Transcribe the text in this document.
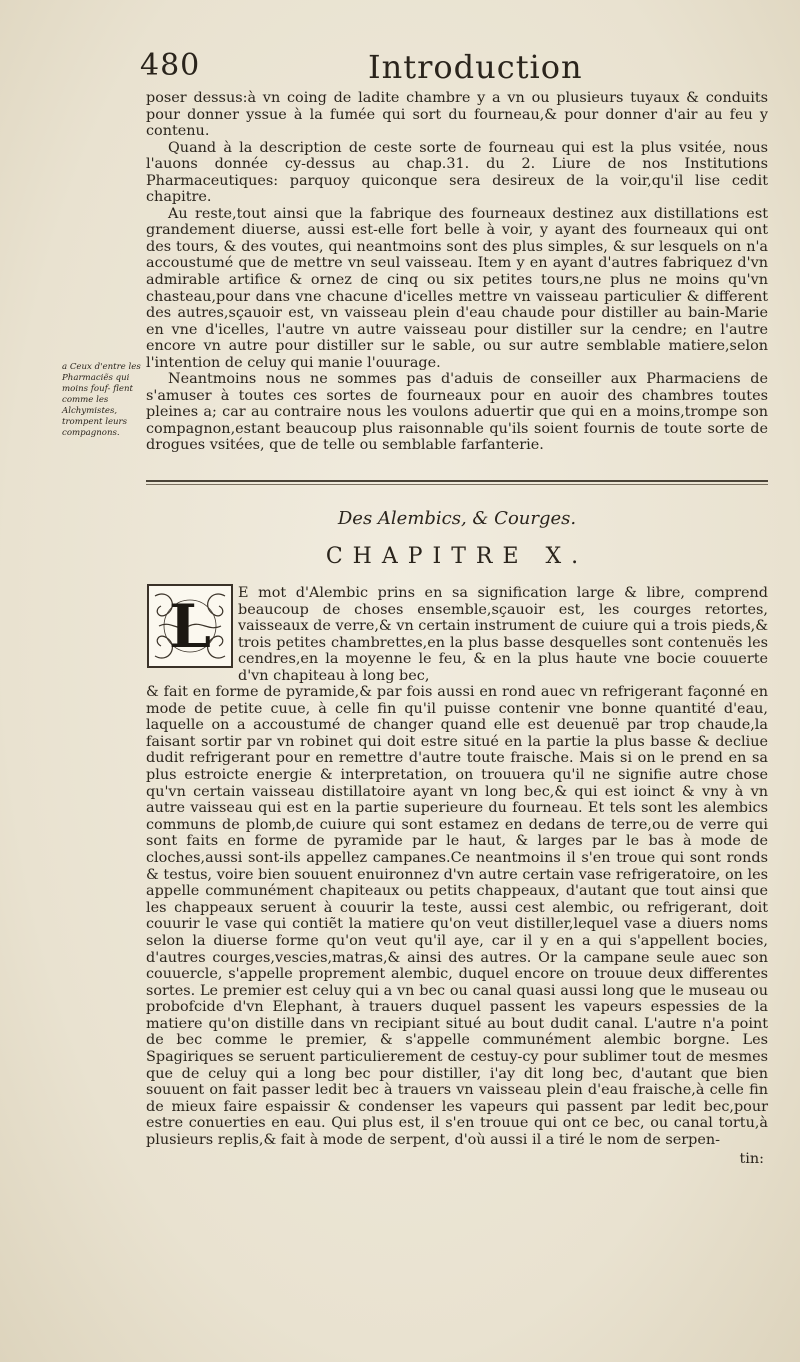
480	Introduction

poser dessus:à vn coing de ladite chambre y a vn ou plusieurs tuyaux & conduits pour donner yssue à la fumée qui sort du fourneau,& pour donner d'air au feu y contenu.

Quand à la description de ceste sorte de fourneau qui est la plus vsitée, nous l'auons donnée cy-dessus au chap.31. du 2. Liure de nos Institutions Pharmaceutiques: parquoy quiconque sera desireux de la voir,qu'il lise cedit chapitre.

Au reste,tout ainsi que la fabrique des fourneaux destinez aux distillations est grandement diuerse, aussi est-elle fort belle à voir, y ayant des fourneaux qui ont des tours, & des voutes, qui neantmoins sont des plus simples, & sur lesquels on n'a accoustumé que de mettre vn seul vaisseau. Item y en ayant d'autres fabriquez d'vn admirable artifice & ornez de cinq ou six petites tours,ne plus ne moins qu'vn chasteau,pour dans vne chacune d'icelles mettre vn vaisseau particulier & different des autres,sçauoir est, vn vaisseau plein d'eau chaude pour distiller au bain-Marie en vne d'icelles, l'autre vn autre vaisseau pour distiller sur la cendre; en l'autre encore vn autre pour distiller sur le sable, ou sur autre semblable matiere,selon l'intention de celuy qui manie l'ouurage.

Neantmoins nous ne sommes pas d'aduis de conseiller aux Pharmaciens de s'amuser à toutes ces sortes de fourneaux pour en auoir des chambres toutes pleines a; car au contraire nous les voulons aduertir que qui en a moins,trompe son compagnon,estant beaucoup plus raisonnable qu'ils soient fournis de toute sorte de drogues vsitées, que de telle ou semblable farfanterie.

a Ceux d'entre les Pharmaciẽs qui moins fouf- flent comme les Alchymistes, trompent leurs compagnons.
Des Alembics, & Courges.
CHAPITRE X.
L	E mot d'Alembic prins en sa signification large & libre, comprend beaucoup de choses ensemble,sçauoir est, les courges retortes, vaisseaux de verre,& vn certain instrument de cuiure qui a trois pieds,& trois petites chambrettes,en la plus basse desquelles sont contenuës les cendres,en la moyenne le feu, & en la plus haute vne bocie couuerte d'vn chapiteau à long bec,

& fait en forme de pyramide,& par fois aussi en rond auec vn refrigerant façonné en mode de petite cuue, à celle fin qu'il puisse contenir vne bonne quantité d'eau, laquelle on a accoustumé de changer quand elle est deuenuë par trop chaude,la faisant sortir par vn robinet qui doit estre situé en la partie la plus basse & decliue dudit refrigerant pour en remettre d'autre toute fraische. Mais si on le prend en sa plus estroicte energie & interpretation, on trouuera qu'il ne signifie autre chose qu'vn certain vaisseau distillatoire ayant vn long bec,& qui est ioinct & vny à vn autre vaisseau qui est en la partie superieure du fourneau. Et tels sont les alembics communs de plomb,de cuiure qui sont estamez en dedans de terre,ou de verre qui sont faits en forme de pyramide par le haut, & larges par le bas à mode de cloches,aussi sont-ils appellez campanes.Ce neantmoins il s'en troue qui sont ronds & testus, voire bien souuent enuironnez d'vn autre certain vase refrigeratoire, on les appelle communément chapiteaux ou petits chappeaux, d'autant que tout ainsi que les chappeaux seruent à couurir la teste, aussi cest alembic, ou refrigerant, doit couurir le vase qui contiẽt la matiere qu'on veut distiller,lequel vase a diuers noms selon la diuerse forme qu'on veut qu'il aye, car il y en a qui s'appellent bocies, d'autres courges,vescies,matras,& ainsi des autres. Or la campane seule auec son couuercle, s'appelle proprement alembic, duquel encore on trouue deux differentes sortes. Le premier est celuy qui a vn bec ou canal quasi aussi long que le museau ou probofcide d'vn Elephant, à trauers duquel passent les vapeurs espessies de la matiere qu'on distille dans vn recipiant situé au bout dudit canal. L'autre n'a point de bec comme le premier, & s'appelle communément alembic borgne. Les Spagiriques se seruent particulierement de cestuy-cy pour sublimer tout de mesmes que de celuy qui a long bec pour distiller, i'ay dit long bec, d'autant que bien souuent on fait passer ledit bec à trauers vn vaisseau plein d'eau fraische,à celle fin de mieux faire espaissir & condenser les vapeurs qui passent par ledit bec,pour estre conuerties en eau. Qui plus est, il s'en trouue qui ont ce bec, ou canal tortu,à plusieurs replis,& fait à mode de serpent, d'où aussi il a tiré le nom de serpen-

tin:
